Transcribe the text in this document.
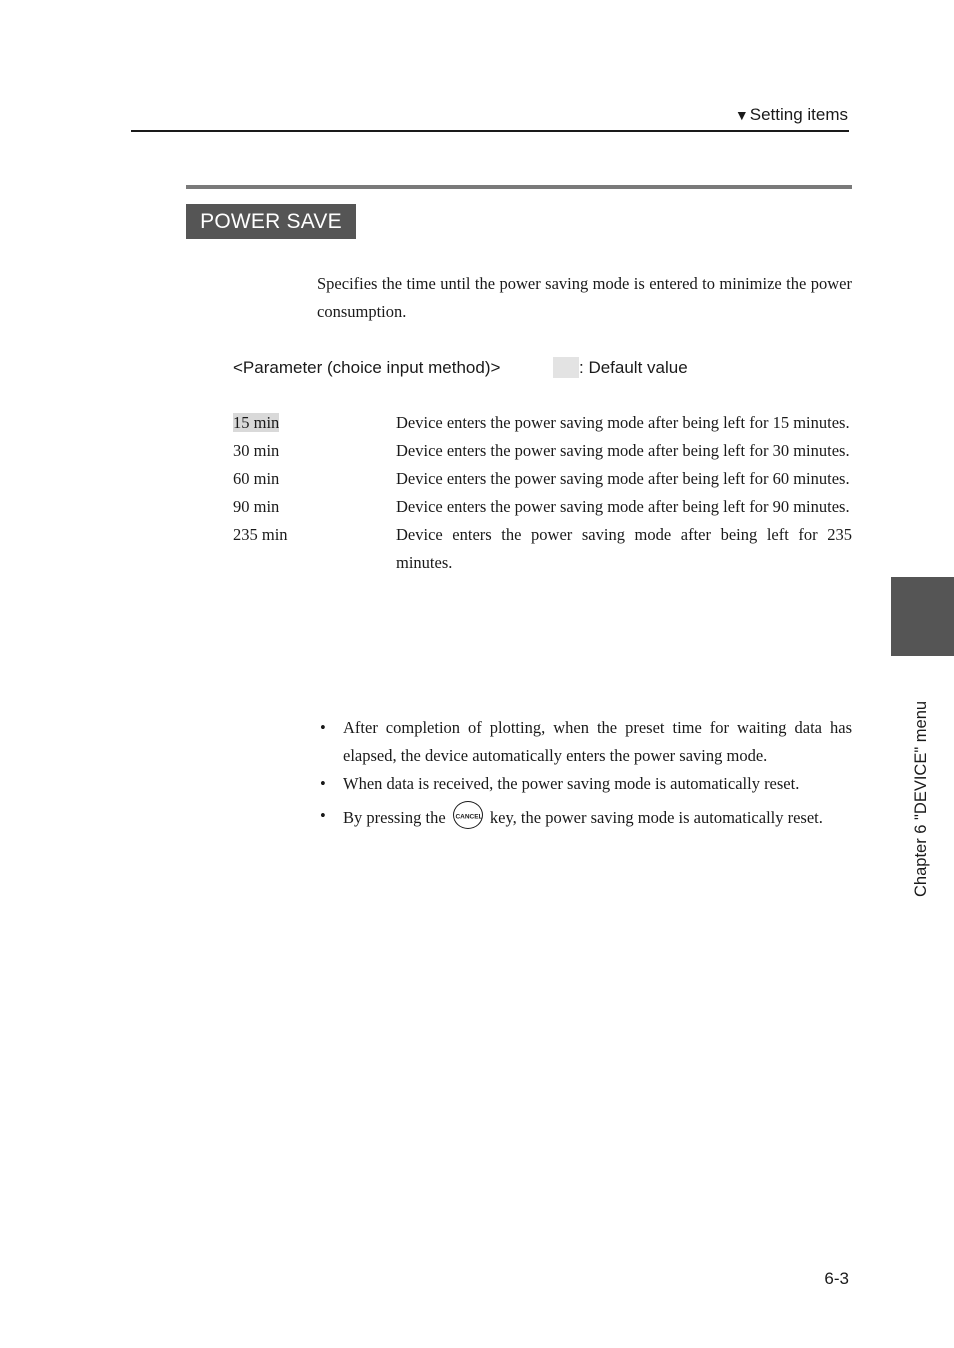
▼Setting items
POWER SAVE
Specifies the time until the power saving mode is entered to minimize the power consumption.
<Parameter (choice input method)>	: Default value
15 min	Device enters the power saving mode after being left for 15 minutes.
30 min	Device enters the power saving mode after being left for 30 minutes.
60 min	Device enters the power saving mode after being left for 60 minutes.
90 min	Device enters the power saving mode after being left for 90 minutes.
235 min	Device enters the power saving mode after being left for 235 minutes.
•	After completion of plotting, when the preset time for waiting data has elapsed, the device automatically enters the power saving mode.
•	When data is received, the power saving mode is automatically reset.
•	By pressing the CANCEL key, the power saving mode is automatically reset.	Chapter 6 "DEVICE" menu
6-3
